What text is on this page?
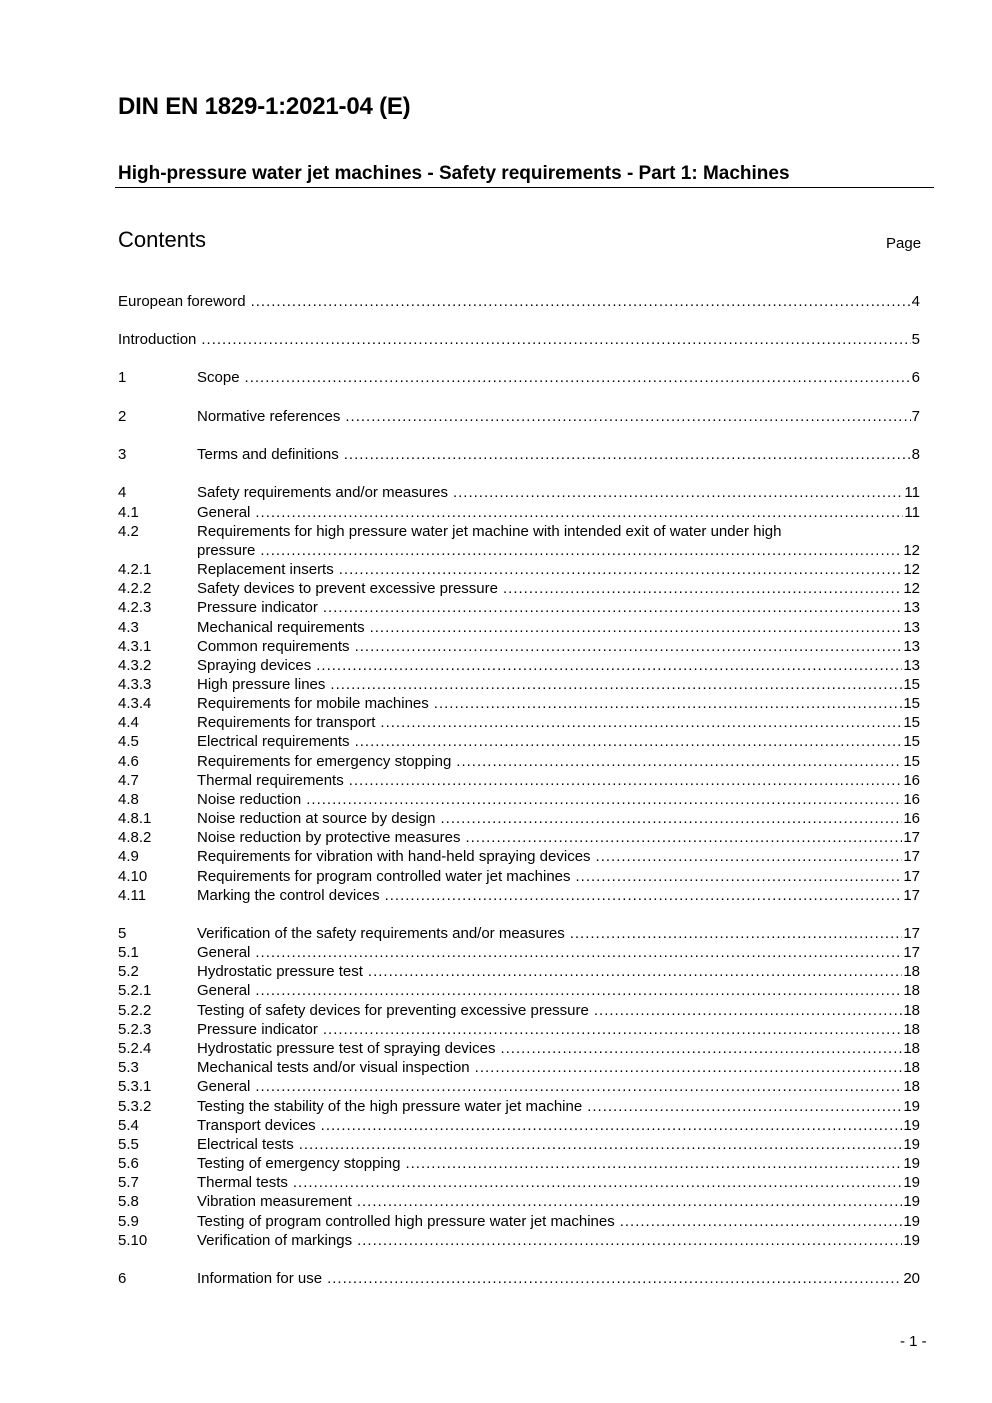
DIN EN 1829-1:2021-04 (E)
High-pressure water jet machines - Safety requirements - Part 1: Machines
Contents	Page
European foreword .....	4
Introduction .....	5
1	Scope .....	6
2	Normative references .....	7
3	Terms and definitions .....	8
4	Safety requirements and/or measures .....	11
4.1	General .....	11
4.2	Requirements for high pressure water jet machine with intended exit of water under high
pressure .....	12
4.2.1	Replacement inserts .....	12
4.2.2	Safety devices to prevent excessive pressure .....	12
4.2.3	Pressure indicator .....	13
4.3	Mechanical requirements .....	13
4.3.1	Common requirements .....	13
4.3.2	Spraying devices .....	13
4.3.3	High pressure lines .....	15
4.3.4	Requirements for mobile machines .....	15
4.4	Requirements for transport .....	15
4.5	Electrical requirements .....	15
4.6	Requirements for emergency stopping .....	15
4.7	Thermal requirements .....	16
4.8	Noise reduction .....	16
4.8.1	Noise reduction at source by design .....	16
4.8.2	Noise reduction by protective measures .....	17
4.9	Requirements for vibration with hand-held spraying devices .....	17
4.10	Requirements for program controlled water jet machines .....	17
4.11	Marking the control devices .....	17
5	Verification of the safety requirements and/or measures .....	17
5.1	General .....	17
5.2	Hydrostatic pressure test .....	18
5.2.1	General .....	18
5.2.2	Testing of safety devices for preventing excessive pressure .....	18
5.2.3	Pressure indicator .....	18
5.2.4	Hydrostatic pressure test of spraying devices .....	18
5.3	Mechanical tests and/or visual inspection .....	18
5.3.1	General .....	18
5.3.2	Testing the stability of the high pressure water jet machine .....	19
5.4	Transport devices .....	19
5.5	Electrical tests .....	19
5.6	Testing of emergency stopping .....	19
5.7	Thermal tests .....	19
5.8	Vibration measurement .....	19
5.9	Testing of program controlled high pressure water jet machines .....	19
5.10	Verification of markings .....	19
6	Information for use .....	20
- 1 -
